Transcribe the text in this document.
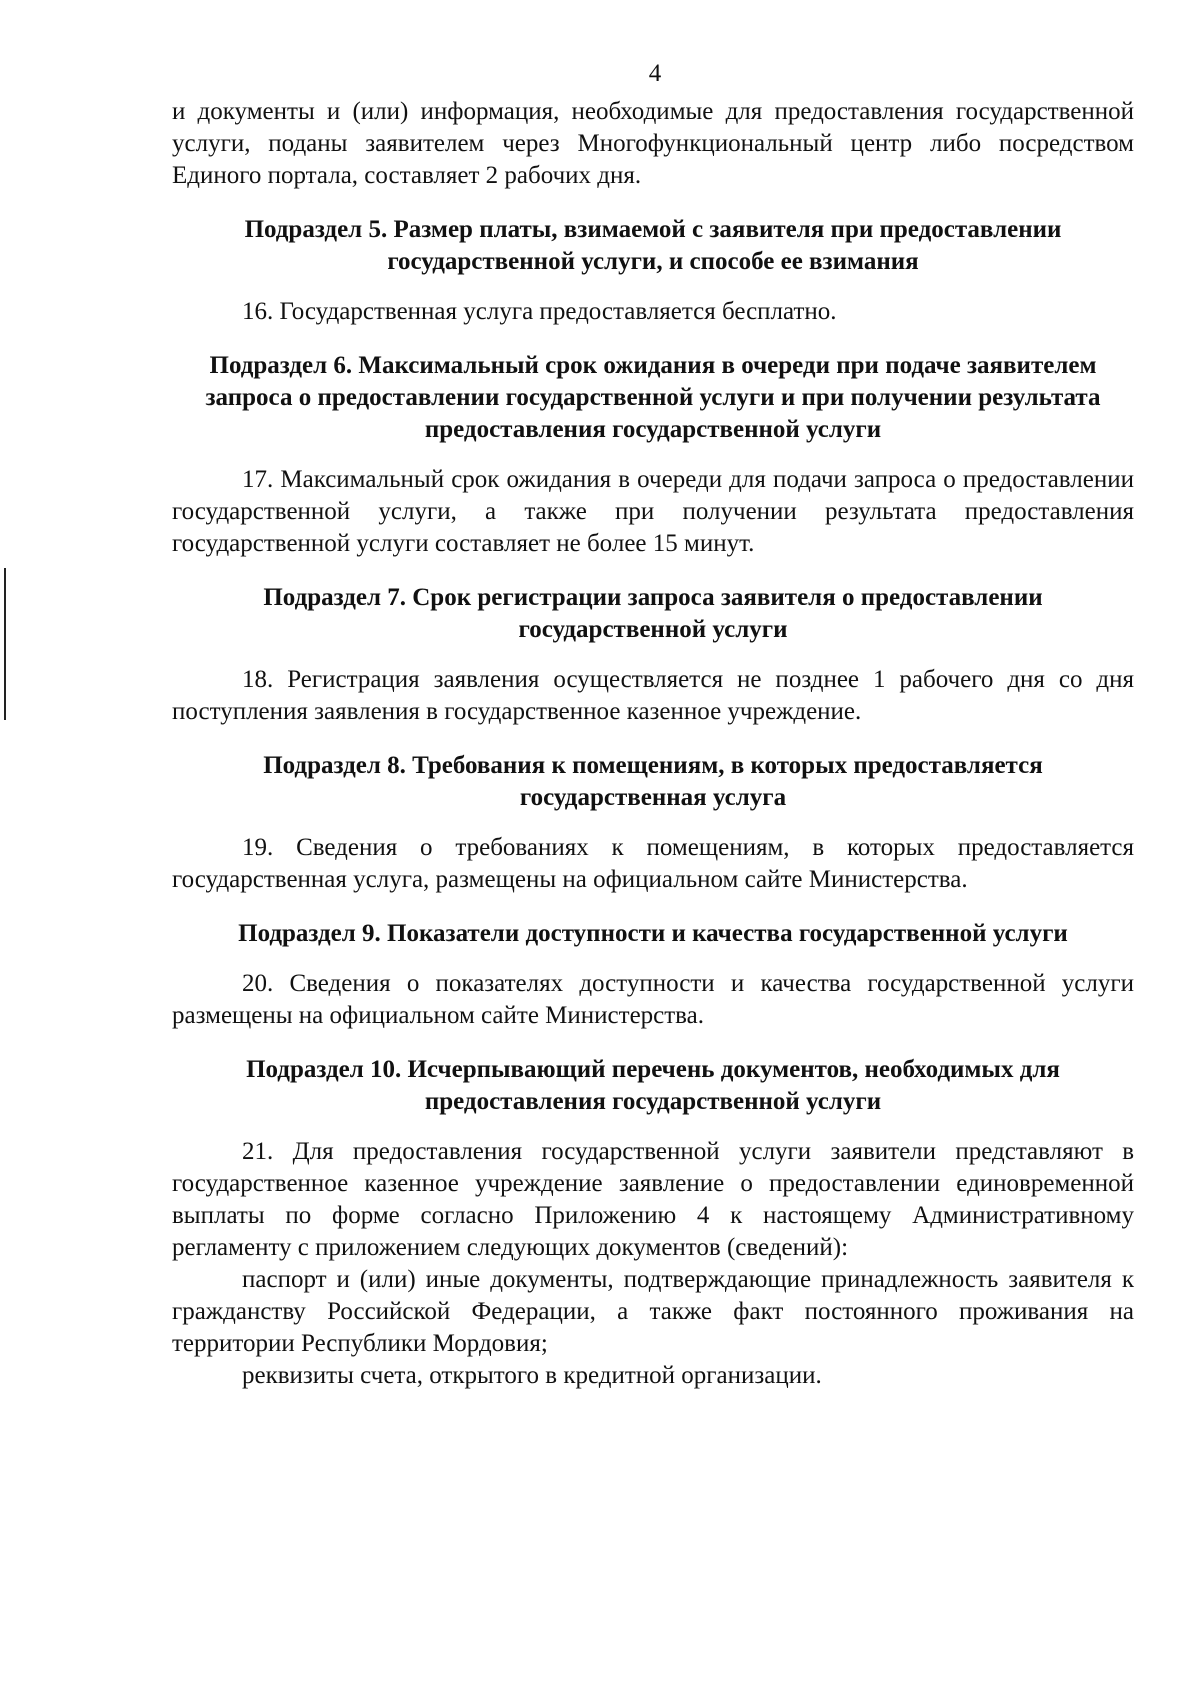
4

и документы и (или) информация, необходимые для предоставления государственной услуги, поданы заявителем через Многофункциональный центр либо посредством Единого портала, составляет 2 рабочих дня.

Подраздел 5. Размер платы, взимаемой с заявителя при предоставлении государственной услуги, и способе ее взимания

16. Государственная услуга предоставляется бесплатно.

Подраздел 6. Максимальный срок ожидания в очереди при подаче заявителем запроса о предоставлении государственной услуги и при получении результата предоставления государственной услуги

17. Максимальный срок ожидания в очереди для подачи запроса о предоставлении государственной услуги, а также при получении результата предоставления государственной услуги составляет не более 15 минут.

Подраздел 7. Срок регистрации запроса заявителя о предоставлении государственной услуги

18. Регистрация заявления осуществляется не позднее 1 рабочего дня со дня поступления заявления в государственное казенное учреждение.

Подраздел 8. Требования к помещениям, в которых предоставляется государственная услуга

19. Сведения о требованиях к помещениям, в которых предоставляется государственная услуга, размещены на официальном сайте Министерства.

Подраздел 9. Показатели доступности и качества государственной услуги

20. Сведения о показателях доступности и качества государственной услуги размещены на официальном сайте Министерства.

Подраздел 10. Исчерпывающий перечень документов, необходимых для предоставления государственной услуги

21. Для предоставления государственной услуги заявители представляют в государственное казенное учреждение заявление о предоставлении единовременной выплаты по форме согласно Приложению 4 к настоящему Административному регламенту с приложением следующих документов (сведений):

паспорт и (или) иные документы, подтверждающие принадлежность заявителя к гражданству Российской Федерации, а также факт постоянного проживания на территории Республики Мордовия;

реквизиты счета, открытого в кредитной организации.
